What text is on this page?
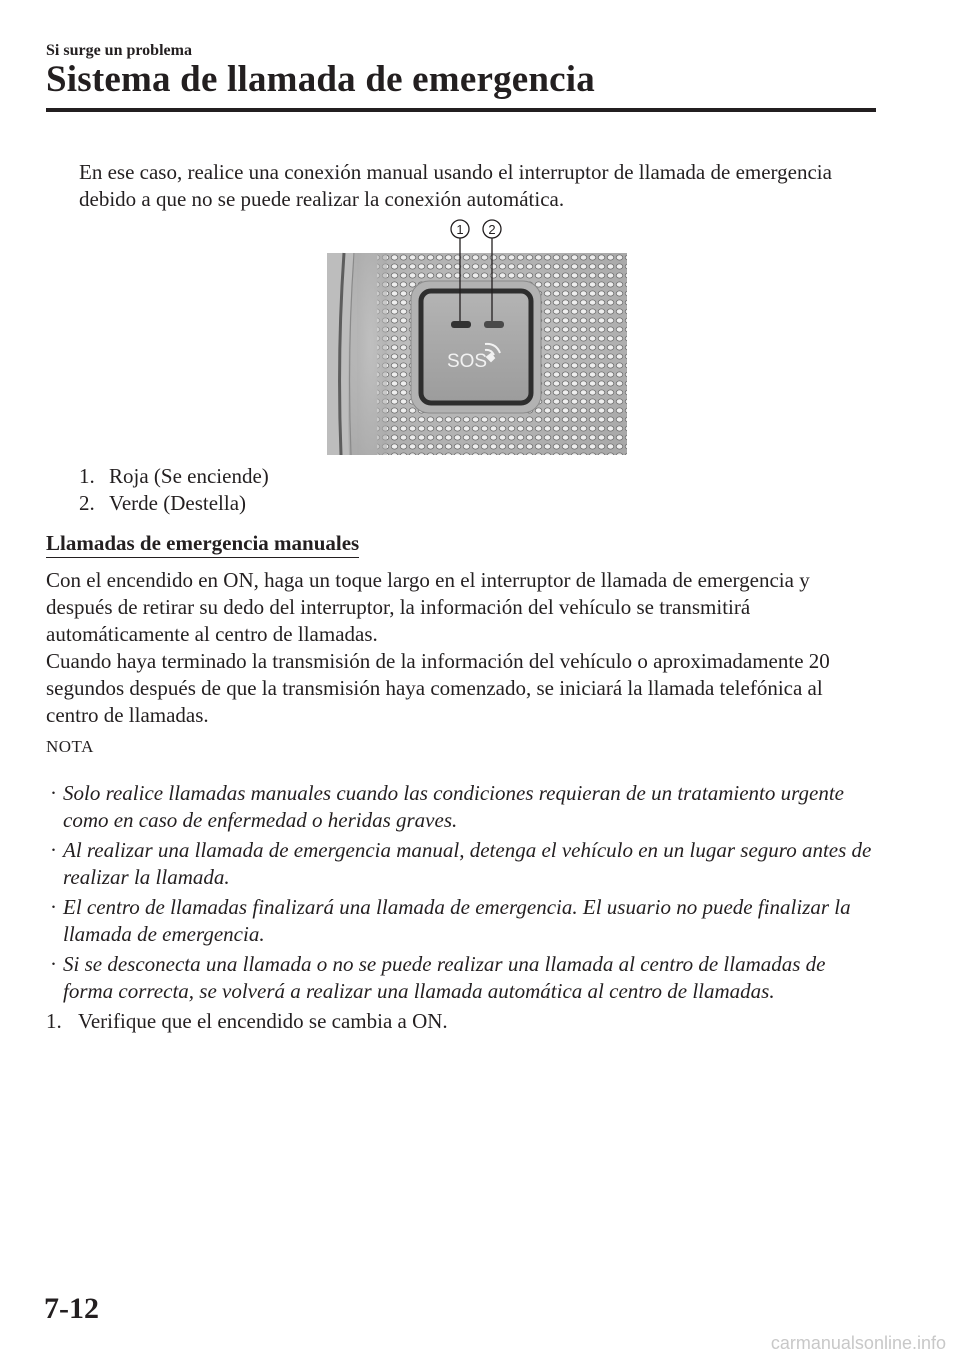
Si surge un problema
Sistema de llamada de emergencia
En ese caso, realice una conexión manual usando el interruptor de llamada de emergencia debido a que no se puede realizar la conexión automática.
1 2
SOS
1. Roja (Se enciende)
2. Verde (Destella)
Llamadas de emergencia manuales
Con el encendido en ON, haga un toque largo en el interruptor de llamada de emergencia y después de retirar su dedo del interruptor, la información del vehículo se transmitirá automáticamente al centro de llamadas.
Cuando haya terminado la transmisión de la información del vehículo o aproximadamente 20 segundos después de que la transmisión haya comenzado, se iniciará la llamada telefónica al centro de llamadas.
NOTA
· Solo realice llamadas manuales cuando las condiciones requieran de un tratamiento urgente como en caso de enfermedad o heridas graves.
· Al realizar una llamada de emergencia manual, detenga el vehículo en un lugar seguro antes de realizar la llamada.
· El centro de llamadas finalizará una llamada de emergencia. El usuario no puede finalizar la llamada de emergencia.
· Si se desconecta una llamada o no se puede realizar una llamada al centro de llamadas de forma correcta, se volverá a realizar una llamada automática al centro de llamadas.
1. Verifique que el encendido se cambia a ON.
7-12
carmanualsonline.info
